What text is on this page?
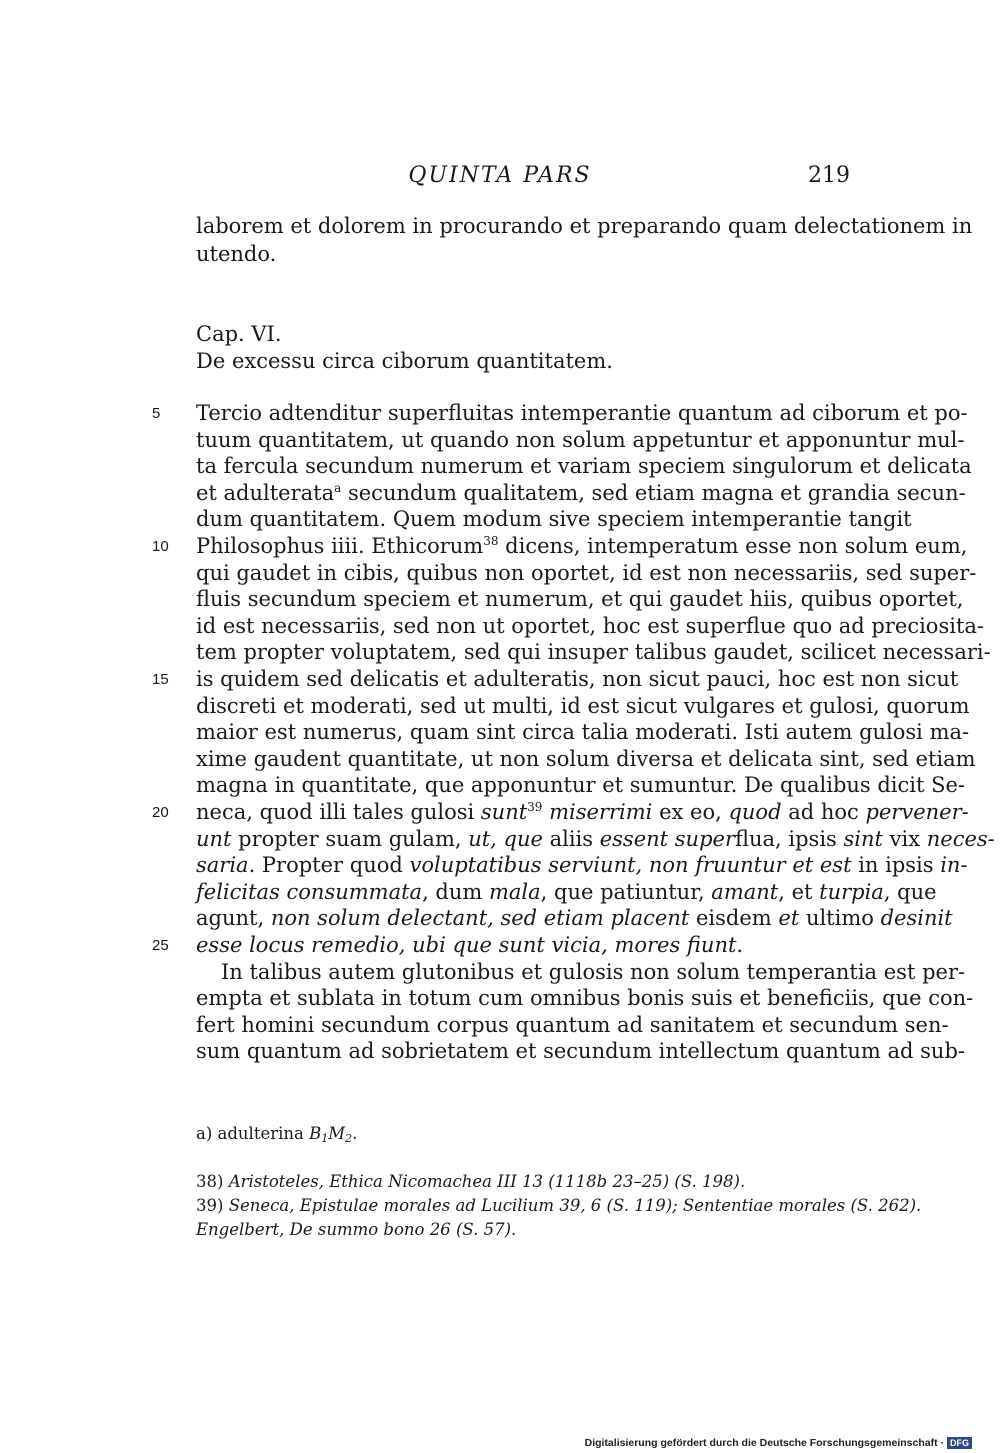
QUINTA PARS	219
laborem et dolorem in procurando et preparando quam delectationem in
utendo.
Cap. VI.
De excessu circa ciborum quantitatem.
5
10
15
20
25
Tercio adtenditur superfluitas intemperantie quantum ad ciborum et po-
tuum quantitatem, ut quando non solum appetuntur et apponuntur mul-
ta fercula secundum numerum et variam speciem singulorum et delicata
et adulterata$^a$ secundum qualitatem, sed etiam magna et grandia secun-
dum quantitatem. Quem modum sive speciem intemperantie tangit
Philosophus iiii. Ethicorum$^{38}$ dicens, intemperatum esse non solum eum,
qui gaudet in cibis, quibus non oportet, id est non necessariis, sed super-
fluis secundum speciem et numerum, et qui gaudet hiis, quibus oportet,
id est necessariis, sed non ut oportet, hoc est superflue quo ad preciosita-
tem propter voluptatem, sed qui insuper talibus gaudet, scilicet necessari-
is quidem sed delicatis et adulteratis, non sicut pauci, hoc est non sicut
discreti et moderati, sed ut multi, id est sicut vulgares et gulosi, quorum
maior est numerus, quam sint circa talia moderati. Isti autem gulosi ma-
xime gaudent quantitate, ut non solum diversa et delicata sint, sed etiam
magna in quantitate, que apponuntur et sumuntur. De qualibus dicit Se-
neca, quod illi tales gulosi sunt$^{39}$ miserrimi ex eo, quod ad hoc pervener-
unt propter suam gulam, ut, que aliis essent superflua, ipsis sint vix neces-
saria. Propter quod voluptatibus serviunt, non fruuntur et est in ipsis in-
felicitas consummata, dum mala, que patiuntur, amant, et turpia, que
agunt, non solum delectant, sed etiam placent eisdem et ultimo desinit
esse locus remedio, ubi que sunt vicia, mores fiunt.
In talibus autem glutonibus et gulosis non solum temperantia est per-
empta et sublata in totum cum omnibus bonis suis et beneficiis, que con-
fert homini secundum corpus quantum ad sanitatem et secundum sen-
sum quantum ad sobrietatem et secundum intellectum quantum ad sub-
a) adulterina $B_1M_2$.
38) Aristoteles, Ethica Nicomachea III 13 (1118b 23–25) (S. 198).
39) Seneca, Epistulae morales ad Lucilium 39, 6 (S. 119); Sententiae morales (S. 262).
Engelbert, De summo bono 26 (S. 57).
Digitalisierung gefördert durch die Deutsche Forschungsgemeinschaft · DFG
